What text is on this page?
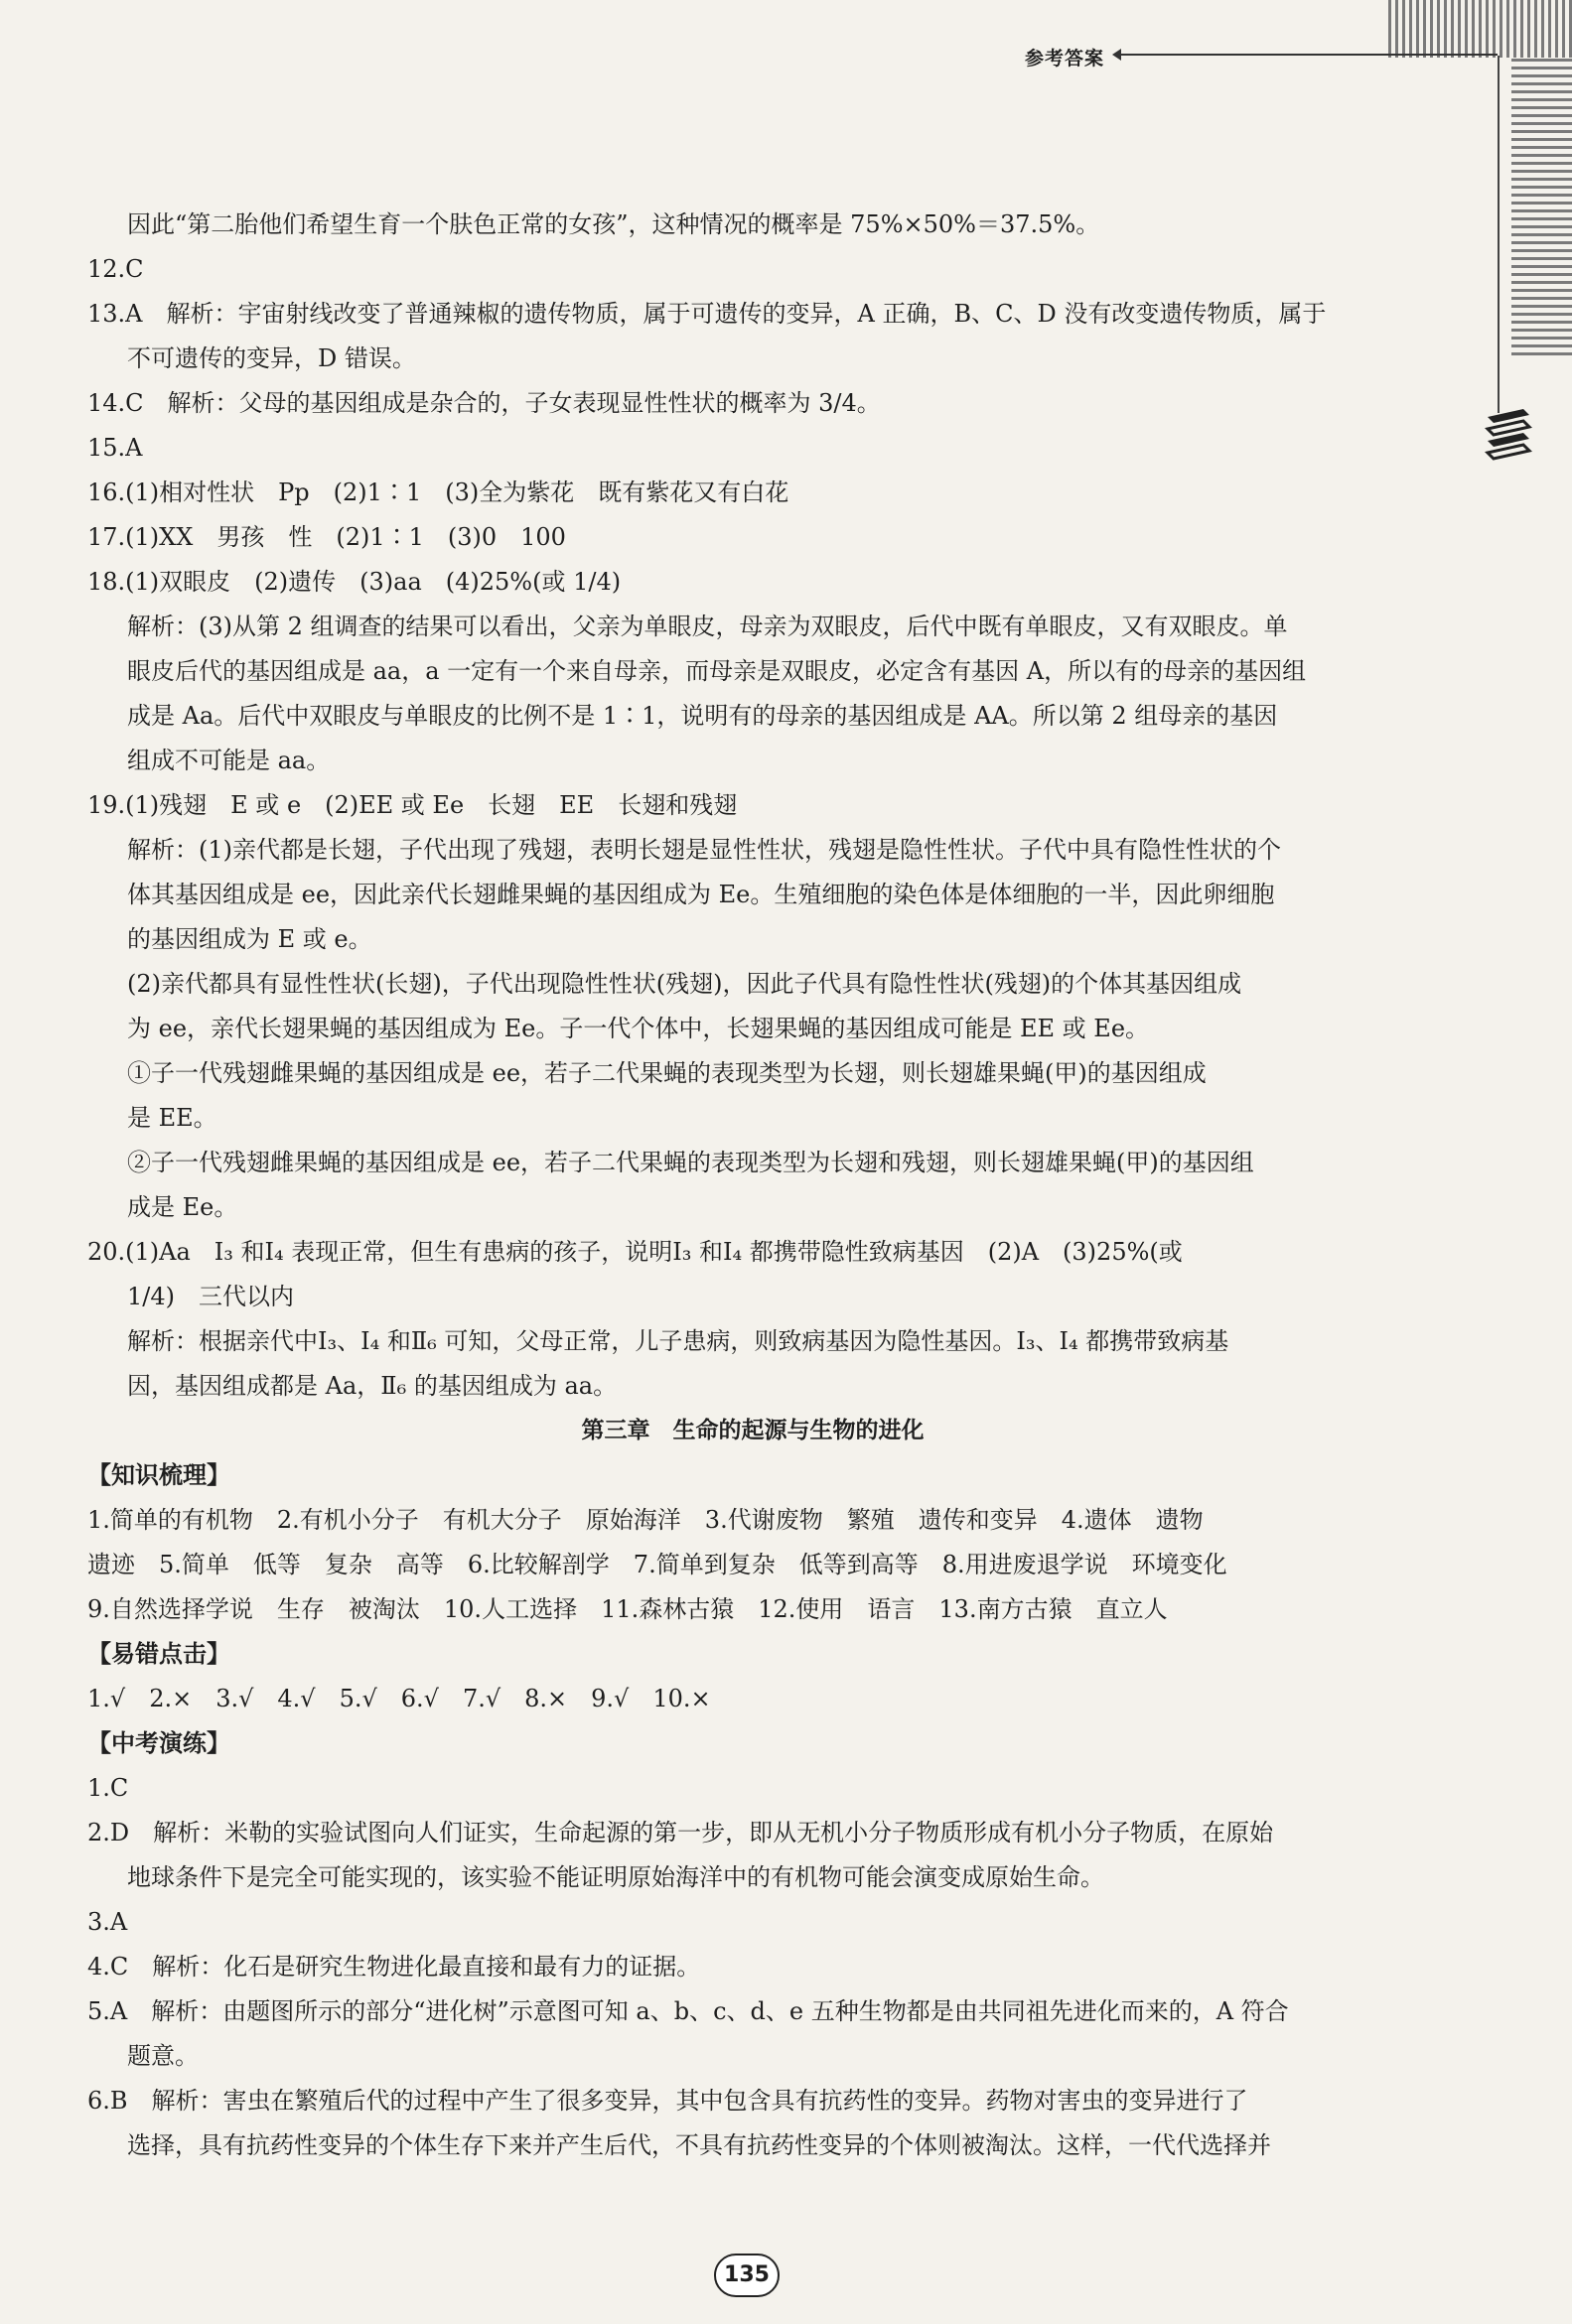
参考答案

因此“第二胎他们希望生育一个肤色正常的女孩”，这种情况的概率是 75%×50%＝37.5%。

12.C

13.A　解析：宇宙射线改变了普通辣椒的遗传物质，属于可遗传的变异，A 正确，B、C、D 没有改变遗传物质，属于

不可遗传的变异，D 错误。

14.C　解析：父母的基因组成是杂合的，子女表现显性性状的概率为 3/4。

15.A

16.(1)相对性状　Pp　(2)1∶1　(3)全为紫花　既有紫花又有白花

17.(1)XX　男孩　性　(2)1∶1　(3)0　100

18.(1)双眼皮　(2)遗传　(3)aa　(4)25%(或 1/4)

解析：(3)从第 2 组调查的结果可以看出，父亲为单眼皮，母亲为双眼皮，后代中既有单眼皮，又有双眼皮。单

眼皮后代的基因组成是 aa，a 一定有一个来自母亲，而母亲是双眼皮，必定含有基因 A，所以有的母亲的基因组

成是 Aa。后代中双眼皮与单眼皮的比例不是 1∶1，说明有的母亲的基因组成是 AA。所以第 2 组母亲的基因

组成不可能是 aa。

19.(1)残翅　E 或 e　(2)EE 或 Ee　长翅　EE　长翅和残翅

解析：(1)亲代都是长翅，子代出现了残翅，表明长翅是显性性状，残翅是隐性性状。子代中具有隐性性状的个

体其基因组成是 ee，因此亲代长翅雌果蝇的基因组成为 Ee。生殖细胞的染色体是体细胞的一半，因此卵细胞

的基因组成为 E 或 e。

(2)亲代都具有显性性状(长翅)，子代出现隐性性状(残翅)，因此子代具有隐性性状(残翅)的个体其基因组成

为 ee，亲代长翅果蝇的基因组成为 Ee。子一代个体中，长翅果蝇的基因组成可能是 EE 或 Ee。

①子一代残翅雌果蝇的基因组成是 ee，若子二代果蝇的表现类型为长翅，则长翅雄果蝇(甲)的基因组成

是 EE。

②子一代残翅雌果蝇的基因组成是 ee，若子二代果蝇的表现类型为长翅和残翅，则长翅雄果蝇(甲)的基因组

成是 Ee。

20.(1)Aa　Ⅰ₃ 和Ⅰ₄ 表现正常，但生有患病的孩子，说明Ⅰ₃ 和Ⅰ₄ 都携带隐性致病基因　(2)A　(3)25%(或

1/4)　三代以内

解析：根据亲代中Ⅰ₃、Ⅰ₄ 和Ⅱ₆ 可知，父母正常，儿子患病，则致病基因为隐性基因。Ⅰ₃、Ⅰ₄ 都携带致病基

因，基因组成都是 Aa，Ⅱ₆ 的基因组成为 aa。

第三章　生命的起源与生物的进化

【知识梳理】

1.简单的有机物　2.有机小分子　有机大分子　原始海洋　3.代谢废物　繁殖　遗传和变异　4.遗体　遗物

遗迹　5.简单　低等　复杂　高等　6.比较解剖学　7.简单到复杂　低等到高等　8.用进废退学说　环境变化

9.自然选择学说　生存　被淘汰　10.人工选择　11.森林古猿　12.使用　语言　13.南方古猿　直立人

【易错点击】

1.√　2.×　3.√　4.√　5.√　6.√　7.√　8.×　9.√　10.×

【中考演练】

1.C

2.D　解析：米勒的实验试图向人们证实，生命起源的第一步，即从无机小分子物质形成有机小分子物质，在原始

地球条件下是完全可能实现的，该实验不能证明原始海洋中的有机物可能会演变成原始生命。

3.A

4.C　解析：化石是研究生物进化最直接和最有力的证据。

5.A　解析：由题图所示的部分“进化树”示意图可知 a、b、c、d、e 五种生物都是由共同祖先进化而来的，A 符合

题意。

6.B　解析：害虫在繁殖后代的过程中产生了很多变异，其中包含具有抗药性的变异。药物对害虫的变异进行了

选择，具有抗药性变异的个体生存下来并产生后代，不具有抗药性变异的个体则被淘汰。这样，一代代选择并

135
